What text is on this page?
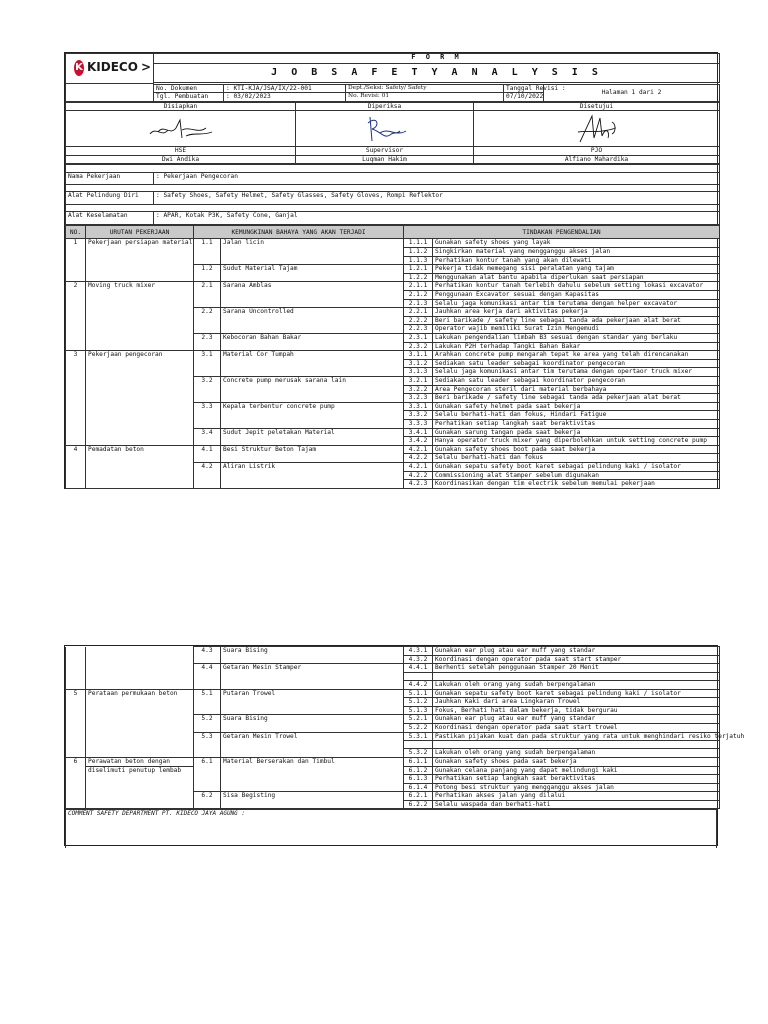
K KIDECO >
	F O R M
J O B S A F E T Y A N A L Y S I S

	No. Dokumen	: KTI-KJA/JSA/IX/22-001	Dept./Seksi: Safety/ Safety	Tanggal Revisi :	Halaman 1 dari 2
	Tgl. Pembuatan	: 03/02/2023	No. Revisi: 01	07/10/2022	
Disiapkan	Diperiksa	Disetujui

HSE	Supervisor	PJO
Dwi Andika	Luqman Hakim	Alfiano Mahardika

Nama Pekerjaan	: Pekerjaan Pengecoran

Alat Pelindung Diri	: Safety Shoes, Safety Helmet, Safety Glasses, Safety Gloves, Rompi Reflektor

Alat Keselamatan	: APAR, Kotak P3K, Safety Cone, Ganjal
NO.	URUTAN PEKERJAAN	KEMUNGKINAN BAHAYA YANG AKAN TERJADI		TINDAKAN PENGENDALIAN	
1	Pekerjaan persiapan material	1.1	Jalan licin	1.1.1	Gunakan safety shoes yang layak
				1.1.2	Singkirkan material yang mengganggu akses jalan
				1.1.3	Perhatikan kontur tanah yang akan dilewati
		1.2	Sudut Material Tajam	1.2.1	Pekerja tidak memegang sisi peralatan yang tajam
				1.2.2	Menggunakan alat bantu apabila diperlukan saat persiapan
2	Moving truck mixer	2.1	Sarana Amblas	2.1.1	Perhatikan kontur tanah terlebih dahulu sebelum setting lokasi excavator
				2.1.2	Penggunaan Excavator sesuai dengan Kapasitas
				2.1.3	Selalu jaga komunikasi antar tim terutama dengan helper excavator
		2.2	Sarana Uncontrolled	2.2.1	Jauhkan area kerja dari aktivitas pekerja
				2.2.2	Beri barikade / safety line sebagai tanda ada pekerjaan alat berat
				2.2.3	Operator wajib memiliki Surat Izin Mengemudi
		2.3	Kebocoran Bahan Bakar	2.3.1	Lakukan pengendalian limbah B3 sesuai dengan standar yang berlaku
				2.3.2	Lakukan P2H terhadap Tangki Bahan Bakar
3	Pekerjaan pengecoran	3.1	Material Cor Tumpah	3.1.1	Arahkan concrete pump mengarah tepat ke area yang telah direncanakan
				3.1.2	Sediakan satu leader sebagai koordinator pengecoran
				3.1.3	Selalu jaga komunikasi antar tim terutama dengan opertaor truck mixer
		3.2	Concrete pump merusak sarana lain	3.2.1	Sediakan satu leader sebagai koordinator pengecoran
				3.2.2	Area Pengecoran steril dari material berbahaya
				3.2.3	Beri barikade / safety line sebagai tanda ada pekerjaan alat berat
		3.3	Kepala terbentur concrete pump	3.3.1	Gunakan safety helmet pada saat bekerja
				3.3.2	Selalu berhati-hati dan fokus, Hindari Fatigue
				3.3.3	Perhatikan setiap langkah saat beraktivitas
		3.4	Sudut Jepit peletakan Material	3.4.1	Gunakan sarung tangan pada saat bekerja
				3.4.2	Hanya operator truck mixer yang diperbolehkan untuk setting concrete pump
4	Pemadatan beton	4.1	Besi Struktur Beton Tajam	4.2.1	Gunakan safety shoes boot pada saat bekerja
				4.2.2	Selalu berhati-hati dan fokus
		4.2	Aliran Listrik	4.2.1	Gunakan sepatu safety boot karet sebagai pelindung kaki / isolator
				4.2.2	Commissioning alat Stamper sebelum digunakan
				4.2.3	Koordinasikan dengan tim electrik sebelum memulai pekerjaan
		4.3	Suara Bising	4.3.1	Gunakan ear plug atau ear muff yang standar
				4.3.2	Koordinasi dengan operator pada saat start stamper
		4.4	Getaran Mesin Stamper	4.4.1	Berhenti setelah penggunaan Stamper 20 Menit

				4.4.2	Lakukan oleh orang yang sudah berpengalaman
5	Perataan permukaan beton	5.1	Putaran Trowel	5.1.1	Gunakan sepatu safety boot karet sebagai pelindung kaki / isolator
				5.1.2	Jauhkan Kaki dari area Lingkaran Trowel
				5.1.3	Fokus, Berhati hati dalam bekerja, tidak bergurau
		5.2	Suara Bising	5.2.1	Gunakan ear plug atau ear muff yang standar
				5.2.2	Koordinasi dengan operator pada saat start trowel
		5.3	Getaran Mesin Trowel	5.3.1	Pastikan pijakan kuat dan pada struktur yang rata untuk menghindari resiko terjatuh

				5.3.2	Lakukan oleh orang yang sudah berpengalaman
6	Perawatan beton dengan	6.1	Material Berserakan dan Timbul	6.1.1	Gunakan safety shoes pada saat bekerja
	diselimuti penutup lembab			6.1.2	Gunakan celana panjang yang dapat melindungi kaki
				6.1.3	Perhatikan setiap langkah saat beraktivitas
				6.1.4	Potong besi struktur yang mengganggu akses jalan
		6.2	Sisa Begisting	6.2.1	Perhatikan akses jalan yang dilalui
				6.2.2	Selalu waspada dan berhati-hati
COMMENT SAFETY DEPARTMENT PT. KIDECO JAYA AGUNG :
